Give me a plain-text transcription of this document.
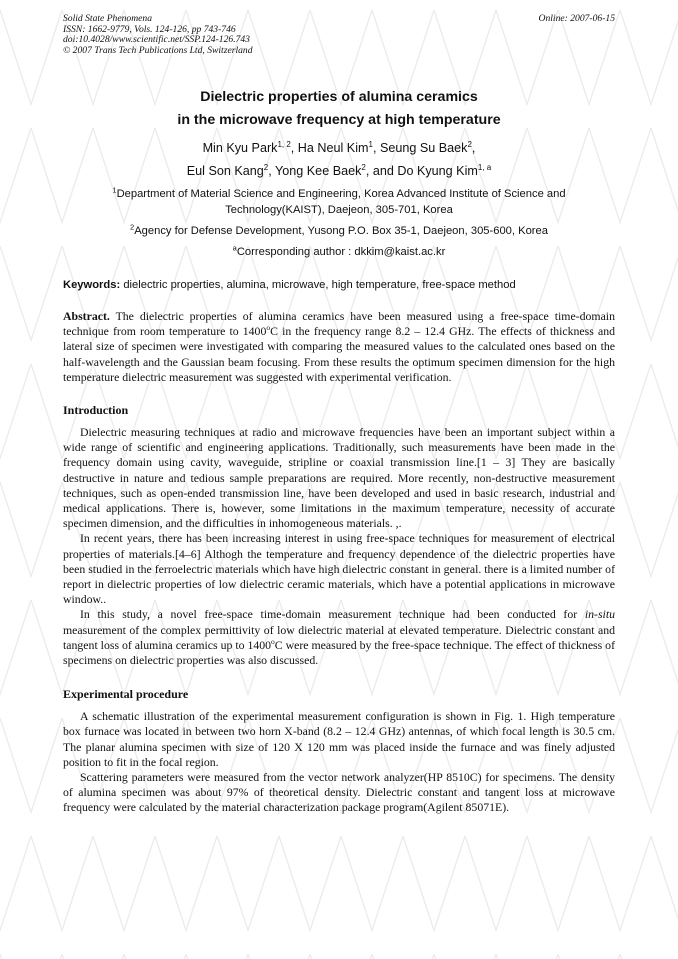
Solid State Phenomena
ISSN: 1662-9779, Vols. 124-126, pp 743-746
doi:10.4028/www.scientific.net/SSP.124-126.743
© 2007 Trans Tech Publications Ltd, Switzerland
Online: 2007-06-15
Dielectric properties of alumina ceramics
in the microwave frequency at high temperature
Min Kyu Park$^{1, 2}$, Ha Neul Kim$^1$, Seung Su Baek$^2$,
Eul Son Kang$^2$, Yong Kee Baek$^2$, and Do Kyung Kim$^{1, a}$
$^1$Department of Material Science and Engineering, Korea Advanced Institute of Science and Technology(KAIST), Daejeon, 305-701, Korea
$^2$Agency for Defense Development, Yusong P.O. Box 35-1, Daejeon, 305-600, Korea
$^a$Corresponding author : dkkim@kaist.ac.kr
Keywords: dielectric properties, alumina, microwave, high temperature, free-space method

Abstract. The dielectric properties of alumina ceramics have been measured using a free-space time-domain technique from room temperature to 1400$^o$C in the frequency range 8.2 – 12.4 GHz. The effects of thickness and lateral size of specimen were investigated with comparing the measured values to the calculated ones based on the half-wavelength and the Gaussian beam focusing. From these results the optimum specimen dimension for the high temperature dielectric measurement was suggested with experimental verification.

Introduction

Dielectric measuring techniques at radio and microwave frequencies have been an important subject within a wide range of scientific and engineering applications. Traditionally, such measurements have been made in the frequency domain using cavity, waveguide, stripline or coaxial transmission line.[1 – 3] They are basically destructive in nature and tedious sample preparations are required. More recently, non-destructive measurement techniques, such as open-ended transmission line, have been developed and used in basic research, industrial and medical applications. There is, however, some limitations in the maximum temperature, necessity of accurate specimen dimension, and the difficulties in inhomogeneous materials. ,.

In recent years, there has been increasing interest in using free-space techniques for measurement of electrical properties of materials.[4–6] Althogh the temperature and frequency dependence of the dielectric properties have been studied in the ferroelectric materials which have high dielectric constant in general. there is a limited number of report in dielectric properties of low dielectric ceramic materials, which have a potential applications in microwave window..

In this study, a novel free-space time-domain measurement technique had been conducted for in-situ measurement of the complex permittivity of low dielectric material at elevated temperature. Dielectric constant and tangent loss of alumina ceramics up to 1400$^o$C were measured by the free-space technique. The effect of thickness of specimens on dielectric properties was also discussed.

Experimental procedure

A schematic illustration of the experimental measurement configuration is shown in Fig. 1. High temperature box furnace was located in between two horn X-band (8.2 – 12.4 GHz) antennas, of which focal length is 30.5 cm. The planar alumina specimen with size of 120 X 120 mm was placed inside the furnace and was finely adjusted position to fit in the focal region.

Scattering parameters were measured from the vector network analyzer(HP 8510C) for specimens. The density of alumina specimen was about 97% of theoretical density. Dielectric constant and tangent loss at microwave frequency were calculated by the material characterization package program(Agilent 85071E).
